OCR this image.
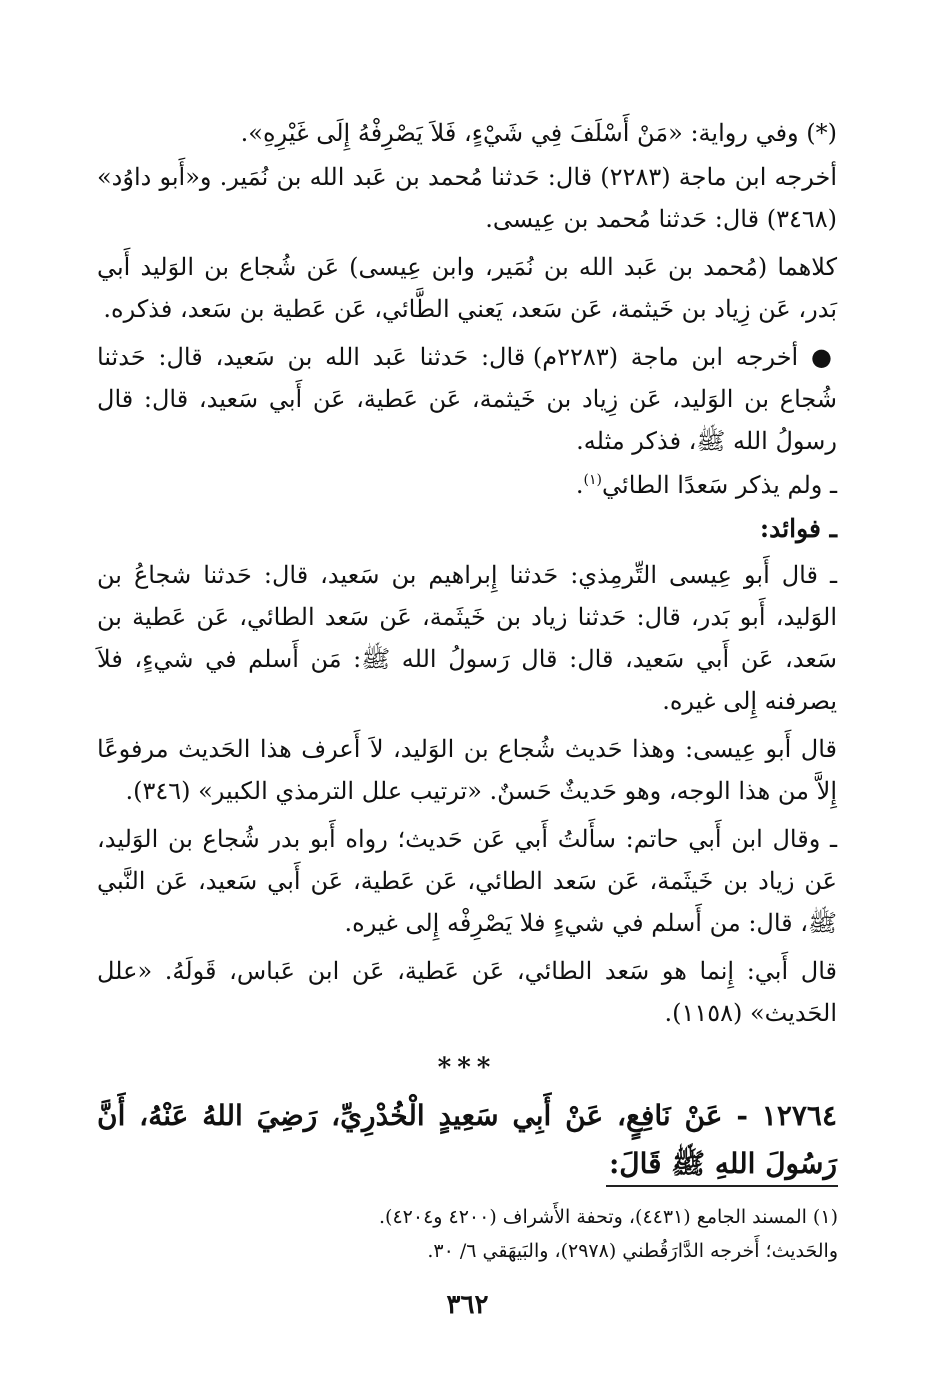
(*) وفي رواية: «مَنْ أَسْلَفَ فِي شَيْءٍ، فَلاَ يَصْرِفْهُ إِلَى غَيْرِهِ».

أخرجه ابن ماجة (٢٢٨٣) قال: حَدثنا مُحمد بن عَبد الله بن نُمَير. و«أَبو داوُد» (٣٤٦٨) قال: حَدثنا مُحمد بن عِيسى.

كلاهما (مُحمد بن عَبد الله بن نُمَير، وابن عِيسى) عَن شُجاع بن الوَليد أَبي بَدر، عَن زِياد بن خَيثمة، عَن سَعد، يَعني الطَّائي، عَن عَطية بن سَعد، فذكره.

● أخرجه ابن ماجة (٢٢٨٣م) قال: حَدثنا عَبد الله بن سَعيد، قال: حَدثنا شُجاع بن الوَليد، عَن زِياد بن خَيثمة، عَن عَطية، عَن أَبي سَعيد، قال: قال رسولُ الله ﷺ، فذكر مثله.

ـ ولم يذكر سَعدًا الطائي$^{(١)}$.

ـ فوائد:

ـ قال أَبو عِيسى التِّرمِذي: حَدثنا إِبراهيم بن سَعيد، قال: حَدثنا شجاعُ بن الوَليد، أَبو بَدر، قال: حَدثنا زياد بن خَيثَمة، عَن سَعد الطائي، عَن عَطية بن سَعد، عَن أَبي سَعيد، قال: قال رَسولُ الله ﷺ: مَن أَسلم في شيءٍ، فلاَ يصرفنه إِلى غيره.

قال أَبو عِيسى: وهذا حَديث شُجاع بن الوَليد، لاَ أَعرف هذا الحَديث مرفوعًا إِلاَّ من هذا الوجه، وهو حَديثٌ حَسنٌ. «ترتيب علل الترمذي الكبير» (٣٤٦).

ـ وقال ابن أَبي حاتم: سأَلتُ أَبي عَن حَديث؛ رواه أَبو بدر شُجاع بن الوَليد، عَن زياد بن خَيثَمة، عَن سَعد الطائي، عَن عَطية، عَن أَبي سَعيد، عَن النَّبي ﷺ، قال: من أَسلم في شيءٍ فلا يَصْرِفْه إِلى غيره.

قال أَبي: إِنما هو سَعد الطائي، عَن عَطية، عَن ابن عَباس، قَولَهُ. «علل الحَديث» (١١٥٨).

***

١٢٧٦٤ - عَنْ نَافِعٍ، عَنْ أَبِي سَعِيدٍ الْخُدْرِيِّ، رَضِيَ اللهُ عَنْهُ، أَنَّ رَسُولَ اللهِ ﷺ قَالَ:

(١) المسند الجامع (٤٤٣١)، وتحفة الأَشراف (٤٢٠٠ و٤٢٠٤).

والحَديث؛ أَخرجه الدَّارَقُطني (٢٩٧٨)، والبَيهَقي ٦/ ٣٠.

٣٦٢
